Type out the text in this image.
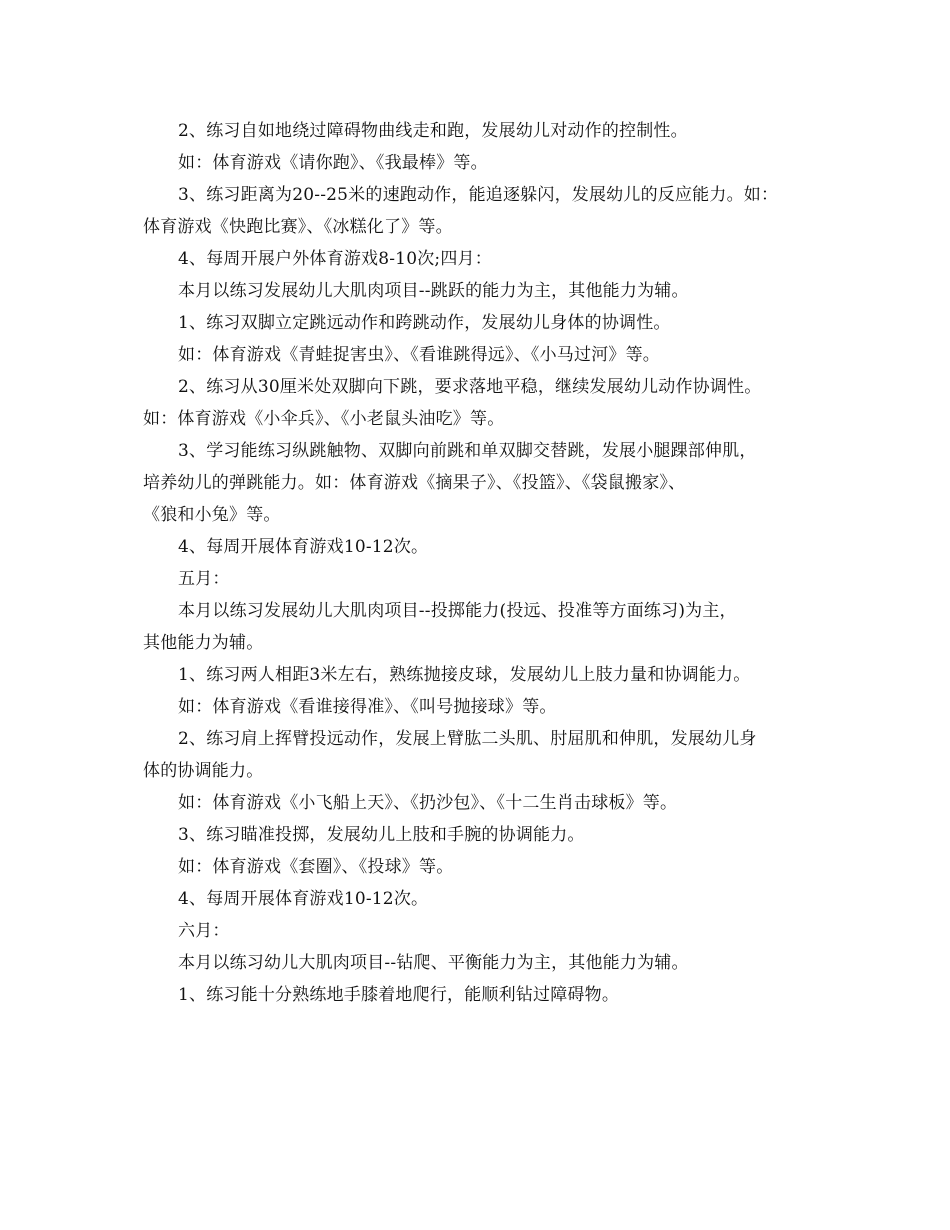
2、练习自如地绕过障碍物曲线走和跑，发展幼儿对动作的控制性。
如：体育游戏《请你跑》、《我最棒》等。
3、练习距离为20--25米的速跑动作，能追逐躲闪，发展幼儿的反应能力。如：
体育游戏《快跑比赛》、《冰糕化了》等。
4、每周开展户外体育游戏8-10次;四月：
本月以练习发展幼儿大肌肉项目--跳跃的能力为主，其他能力为辅。
1、练习双脚立定跳远动作和跨跳动作，发展幼儿身体的协调性。
如：体育游戏《青蛙捉害虫》、《看谁跳得远》、《小马过河》等。
2、练习从30厘米处双脚向下跳，要求落地平稳，继续发展幼儿动作协调性。
如：体育游戏《小伞兵》、《小老鼠头油吃》等。
3、学习能练习纵跳触物、双脚向前跳和单双脚交替跳，发展小腿踝部伸肌，
培养幼儿的弹跳能力。如：体育游戏《摘果子》、《投篮》、《袋鼠搬家》、
《狼和小兔》等。
4、每周开展体育游戏10-12次。
五月：
本月以练习发展幼儿大肌肉项目--投掷能力(投远、投准等方面练习)为主，
其他能力为辅。
1、练习两人相距3米左右，熟练抛接皮球，发展幼儿上肢力量和协调能力。
如：体育游戏《看谁接得准》、《叫号抛接球》等。
2、练习肩上挥臂投远动作，发展上臂肱二头肌、肘屈肌和伸肌，发展幼儿身
体的协调能力。
如：体育游戏《小飞船上天》、《扔沙包》、《十二生肖击球板》等。
3、练习瞄准投掷，发展幼儿上肢和手腕的协调能力。
如：体育游戏《套圈》、《投球》等。
4、每周开展体育游戏10-12次。
六月：
本月以练习幼儿大肌肉项目--钻爬、平衡能力为主，其他能力为辅。
1、练习能十分熟练地手膝着地爬行，能顺利钻过障碍物。
